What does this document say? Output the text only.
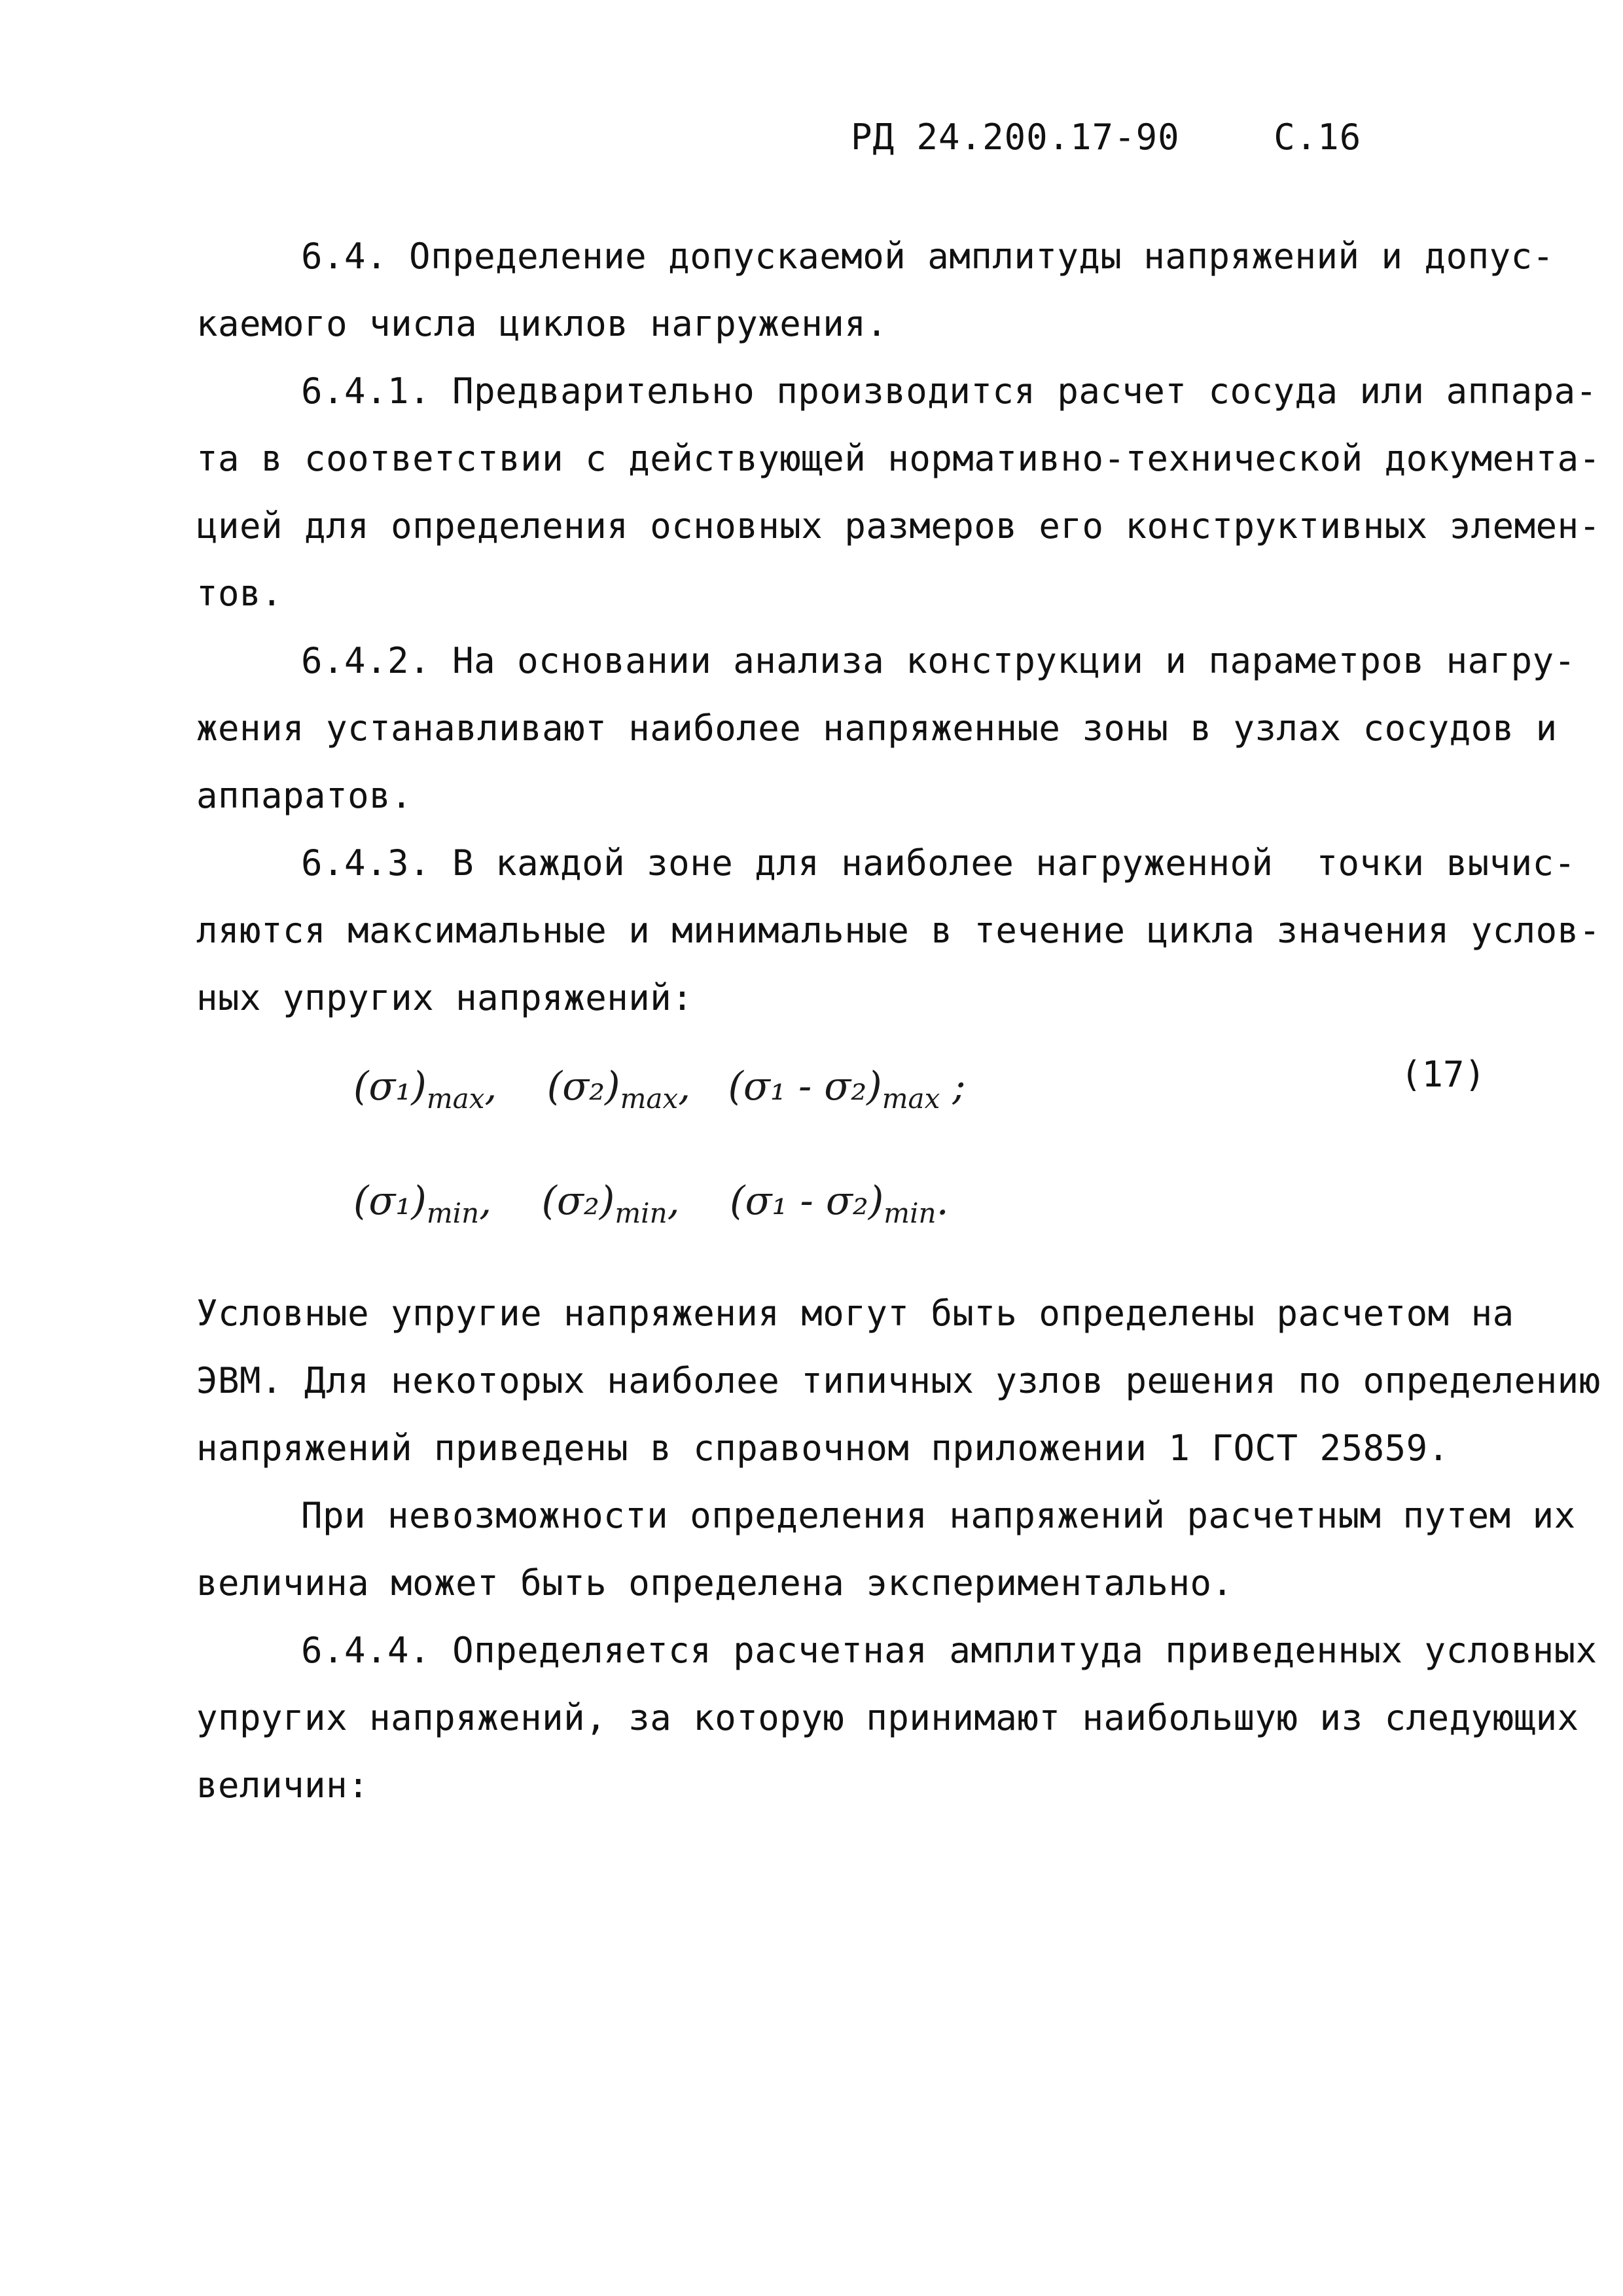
РД 24.200.17-90	С.16
6.4. Определение допускаемой амплитуды напряжений и допус-
каемого числа циклов нагружения.
6.4.1. Предварительно производится расчет сосуда или аппара-
та в соответствии с действующей нормативно-технической документа-
цией для определения основных размеров его конструктивных элемен-
тов.
6.4.2. На основании анализа конструкции и параметров нагру-
жения устанавливают наиболее напряженные зоны в узлах сосудов и
аппаратов.
6.4.3. В каждой зоне для наиболее нагруженной  точки вычис-
ляются максимальные и минимальные в течение цикла значения услов-
ных упругих напряжений:
$(\sigma_1)_{max}$, $(\sigma_2)_{max}$, $(\sigma_1 - \sigma_2)_{max}$ ;	(17)
$(\sigma_1)_{min}$, $(\sigma_2)_{min}$, $(\sigma_1 - \sigma_2)_{min}$.
Условные упругие напряжения могут быть определены расчетом на
ЭВМ. Для некоторых наиболее типичных узлов решения по определению
напряжений приведены в справочном приложении 1 ГОСТ 25859.
При невозможности определения напряжений расчетным путем их
величина может быть определена экспериментально.
6.4.4. Определяется расчетная амплитуда приведенных условных
упругих напряжений, за которую принимают наибольшую из следующих
величин:
